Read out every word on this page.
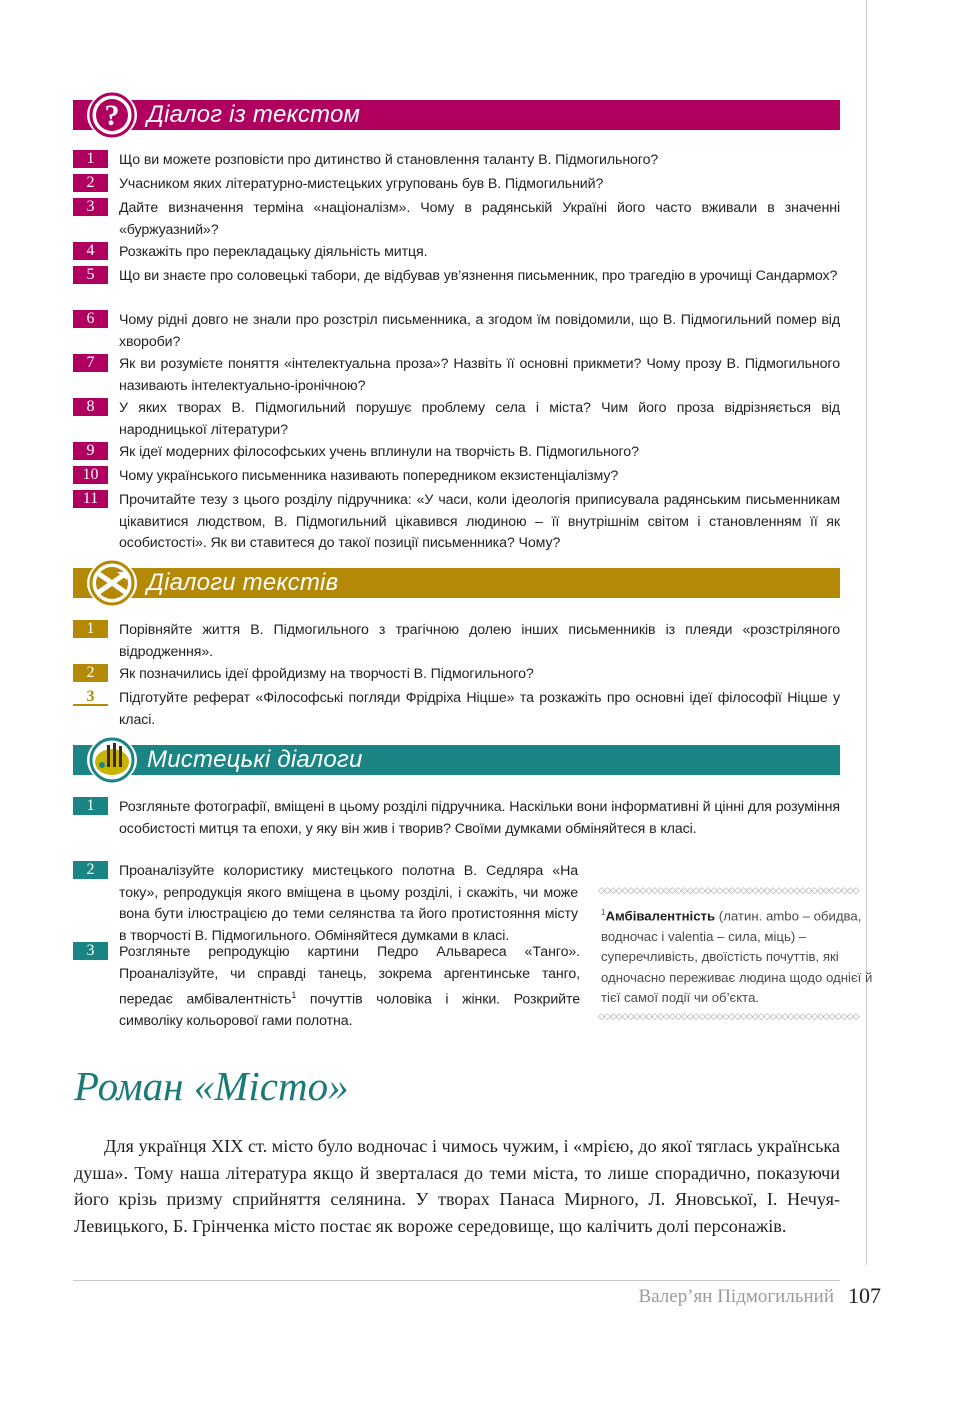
? Діалог із текстом
1	Що ви можете розповісти про дитинство й становлення таланту В. Підмогильного?
2	Учасником яких літературно-мистецьких угруповань був В. Підмогильний?
3	Дайте визначення терміна «націоналізм». Чому в радянській Україні його часто вживали в значенні «буржуазний»?
4	Розкажіть про перекладацьку діяльність митця.
5	Що ви знаєте про соловецькі табори, де відбував ув’язнення письменник, про трагедію в урочищі Сандармох?
6	Чому рідні довго не знали про розстріл письменника, а згодом їм повідомили, що В. Підмогильний помер від хвороби?
7	Як ви розумієте поняття «інтелектуальна проза»? Назвіть її основні прикмети? Чому прозу В. Підмогильного називають інтелектуально-іронічною?
8	У яких творах В. Підмогильний порушує проблему села і міста? Чим його проза відрізняється від народницької літератури?
9	Як ідеї модерних філософських учень вплинули на творчість В. Підмогильного?
10	Чому українського письменника називають попередником екзистенціалізму?
11	Прочитайте тезу з цього розділу підручника: «У часи, коли ідеологія приписувала радянським письменникам цікавитися людством, В. Підмогильний цікавився людиною – її внутрішнім світом і становленням її як особистості». Як ви ставитеся до такої позиції письменника? Чому?
Діалоги текстів
1	Порівняйте життя В. Підмогильного з трагічною долею інших письменників із плеяди «розстріляного відродження».
2	Як позначились ідеї фройдизму на творчості В. Підмогильного?
3	Підготуйте реферат «Філософські погляди Фрідріха Ніцше» та розкажіть про основні ідеї філософії Ніцше у класі.
Мистецькі діалоги
1	Розгляньте фотографії, вміщені в цьому розділі підручника. Наскільки вони інформативні й цінні для розуміння особистості митця та епохи, у яку він жив і творив? Своїми думками обміняйтеся в класі.
2	Проаналізуйте колористику мистецького полотна В. Седляра «На току», репродукція якого вміщена в цьому розділі, і скажіть, чи може вона бути ілюстрацією до теми селянства та його протистояння місту в творчості В. Підмогильного. Обміняйтеся думками в класі.
3	Розгляньте репродукцію картини Педро Альвареса «Танго». Проаналізуйте, чи справді танець, зокрема аргентинське танго, передає амбівалентність$^1$ почуттів чоловіка і жінки. Розкрийте символіку кольорової гами полотна.
◇◇◇◇◇◇◇◇◇◇◇◇◇◇◇◇◇◇◇◇◇◇◇◇◇◇◇◇◇◇◇◇◇◇◇◇◇◇◇◇◇◇◇◇
$^1$Амбівалентність (латин. ambo – обидва, водночас і valentia – сила, міць) – суперечливість, двоїстість почуттів, які одночасно переживає людина щодо однієї й тієї самої події чи об’єкта.
◇◇◇◇◇◇◇◇◇◇◇◇◇◇◇◇◇◇◇◇◇◇◇◇◇◇◇◇◇◇◇◇◇◇◇◇◇◇◇◇◇◇◇◇
Роман «Місто»
Для українця XIX ст. місто було водночас і чимось чужим, і «мрією, до якої тяглась українська душа». Тому наша література якщо й зверталася до теми міста, то лише спорадично, показуючи його крізь призму сприйняття селянина. У творах Панаса Мирного, Л. Яновської, І. Нечуя-Левицького, Б. Грінченка місто постає як вороже середовище, що калічить долі персонажів.
Валер’ян Підмогильний 107
